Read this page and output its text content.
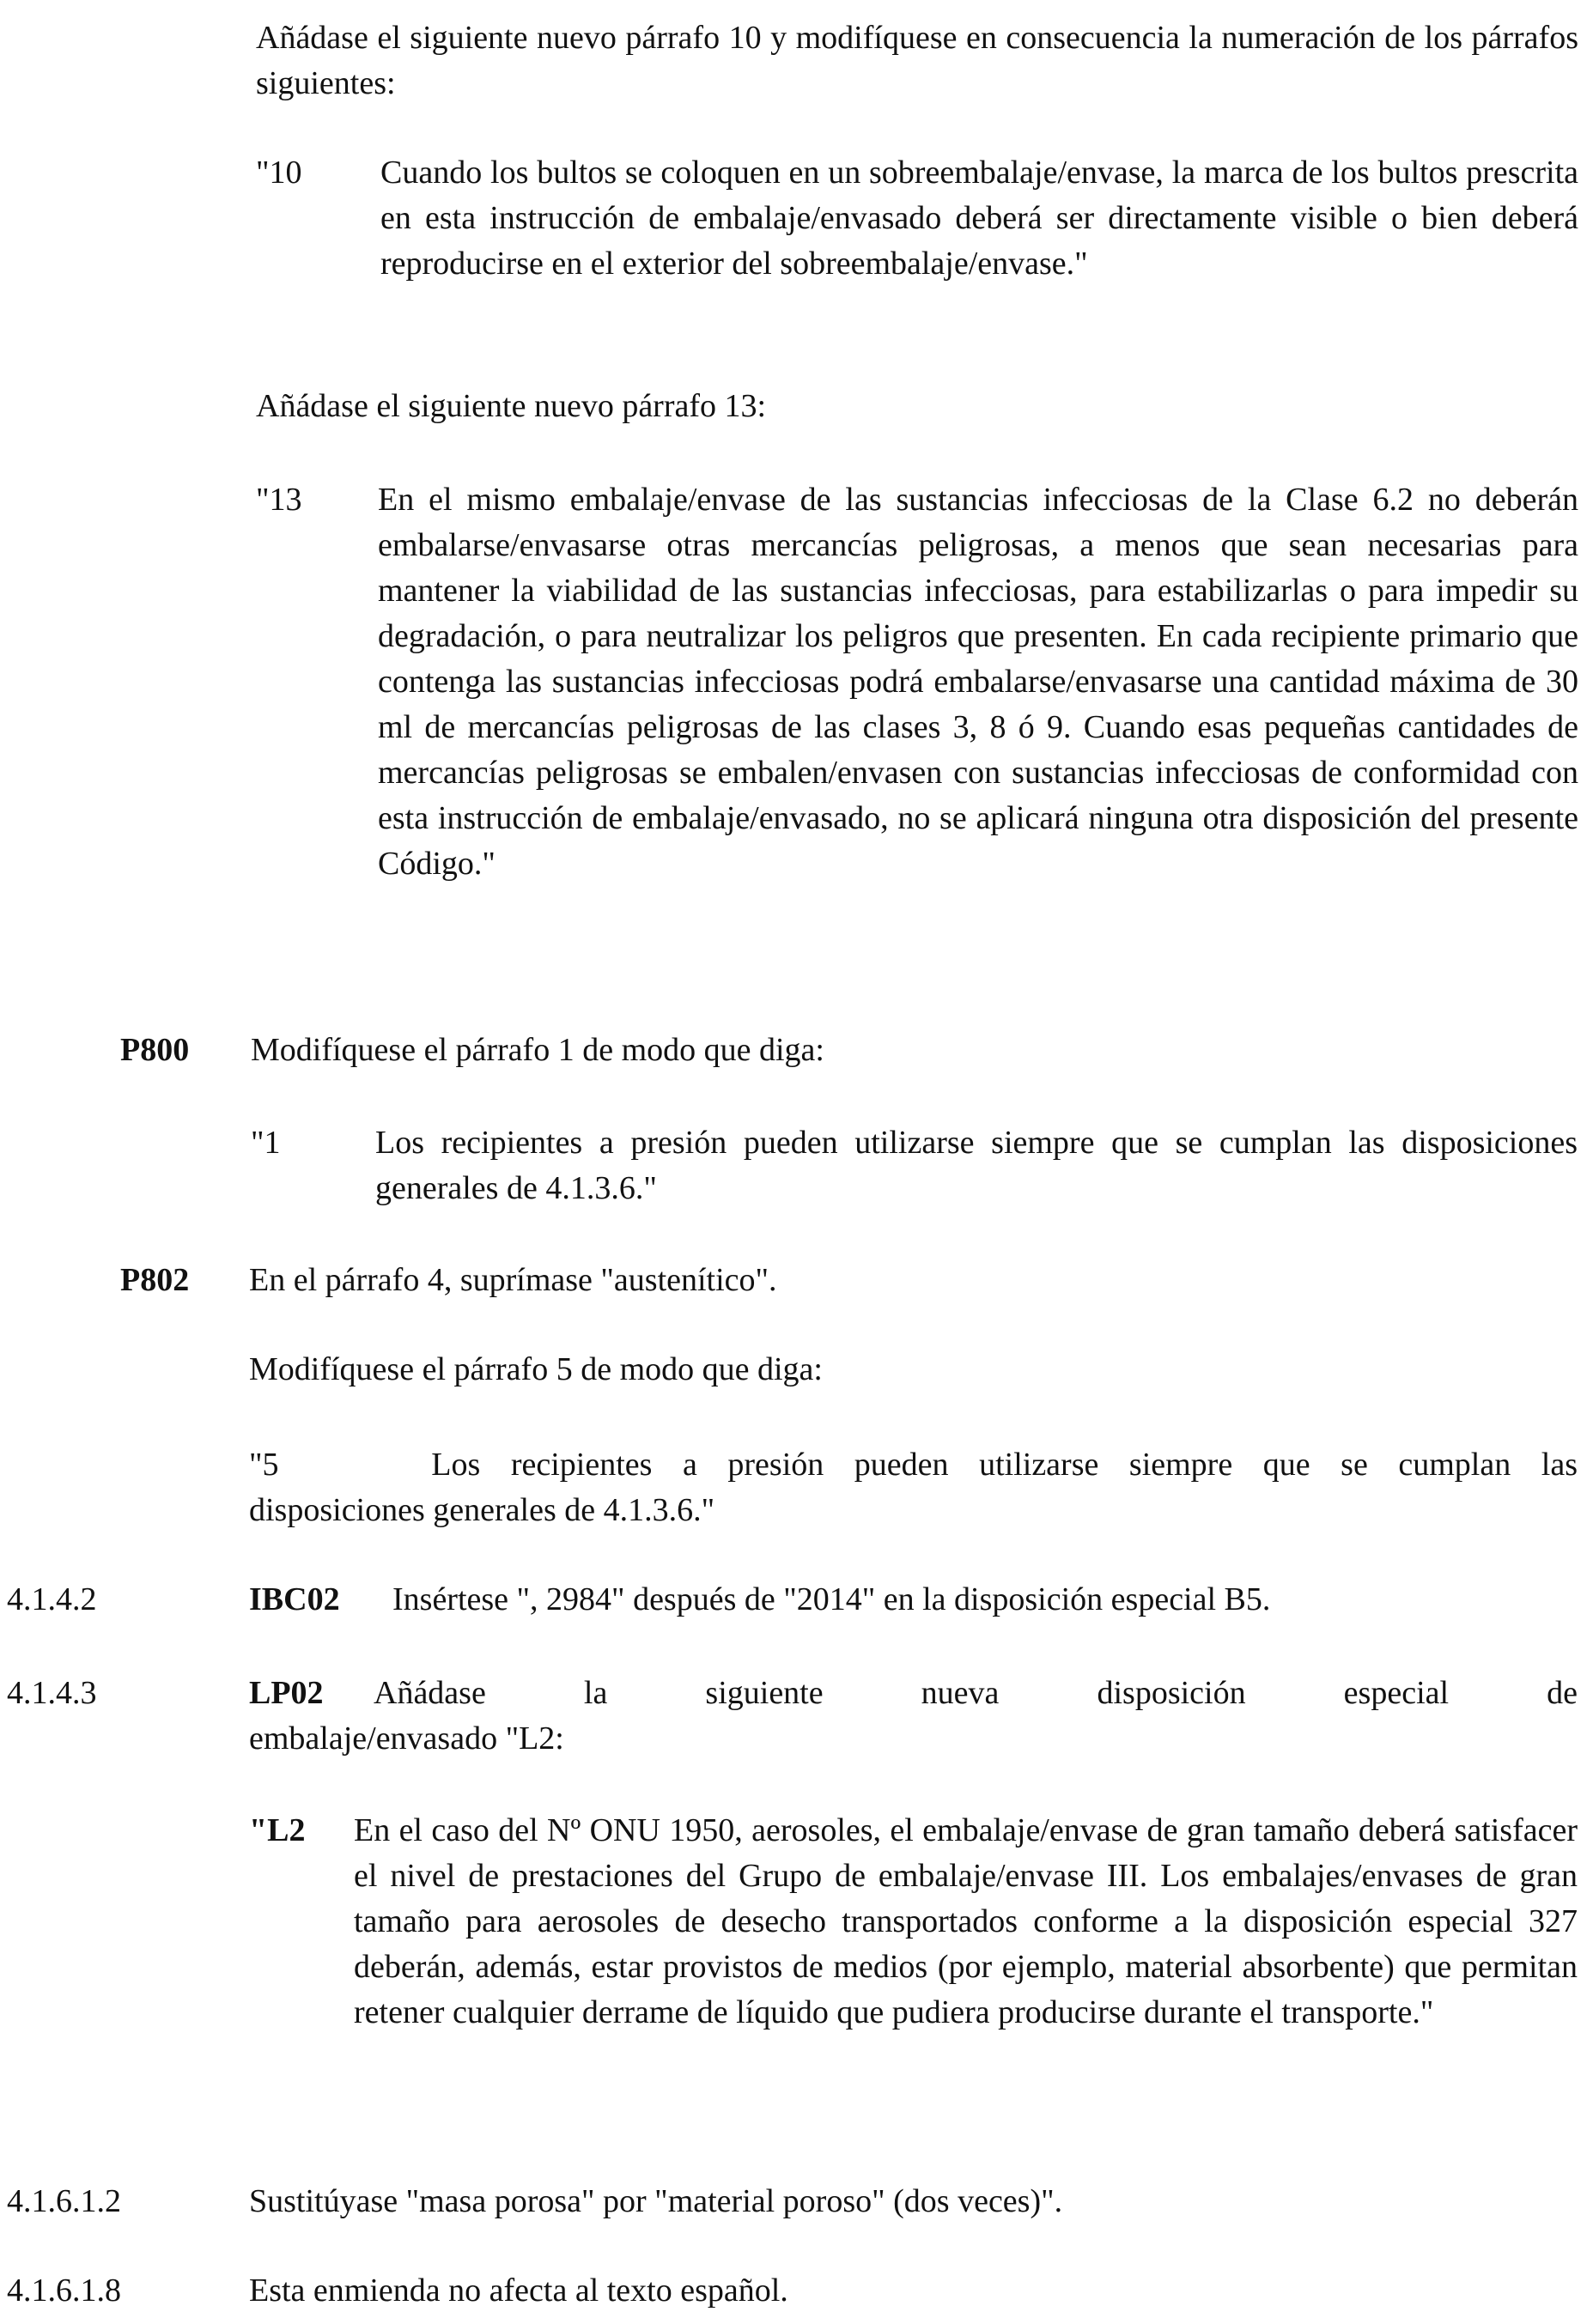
Añádase el siguiente nuevo párrafo 10 y modifíquese en consecuencia la numeración de los párrafos siguientes:

"10 Cuando los bultos se coloquen en un sobreembalaje/envase, la marca de los bultos prescrita en esta instrucción de embalaje/envasado deberá ser directamente visible o bien deberá reproducirse en el exterior del sobreembalaje/envase."

Añádase el siguiente nuevo párrafo 13:

"13 En el mismo embalaje/envase de las sustancias infecciosas de la Clase 6.2 no deberán embalarse/envasarse otras mercancías peligrosas, a menos que sean necesarias para mantener la viabilidad de las sustancias infecciosas, para estabilizarlas o para impedir su degradación, o para neutralizar los peligros que presenten. En cada recipiente primario que contenga las sustancias infecciosas podrá embalarse/envasarse una cantidad máxima de 30 ml de mercancías peligrosas de las clases 3, 8 ó 9. Cuando esas pequeñas cantidades de mercancías peligrosas se embalen/envasen con sustancias infecciosas de conformidad con esta instrucción de embalaje/envasado, no se aplicará ninguna otra disposición del presente Código."

P800 Modifíquese el párrafo 1 de modo que diga:

"1	Los recipientes a presión pueden utilizarse siempre que se cumplan las disposiciones generales de 4.1.3.6."

P802 En el párrafo 4, suprímase "austenítico".

Modifíquese el párrafo 5 de modo que diga:

"5     Los recipientes a presión pueden utilizarse siempre que se cumplan las

disposiciones generales de 4.1.3.6."

4.1.4.2	IBC02 Insértese ", 2984" después de "2014" en la disposición especial B5.

4.1.4.3	LP02 Añádase la siguiente nueva disposición especial de

embalaje/envasado "L2:

"L2 En el caso del Nº ONU 1950, aerosoles, el embalaje/envase de gran tamaño deberá satisfacer el nivel de prestaciones del Grupo de embalaje/envase III. Los embalajes/envases de gran tamaño para aerosoles de desecho transportados conforme a la disposición especial 327 deberán, además, estar provistos de medios (por ejemplo, material absorbente) que permitan retener cualquier derrame de líquido que pudiera producirse durante el transporte."

4.1.6.1.2	Sustitúyase "masa porosa" por "material poroso" (dos veces)".

4.1.6.1.8	Esta enmienda no afecta al texto español.
